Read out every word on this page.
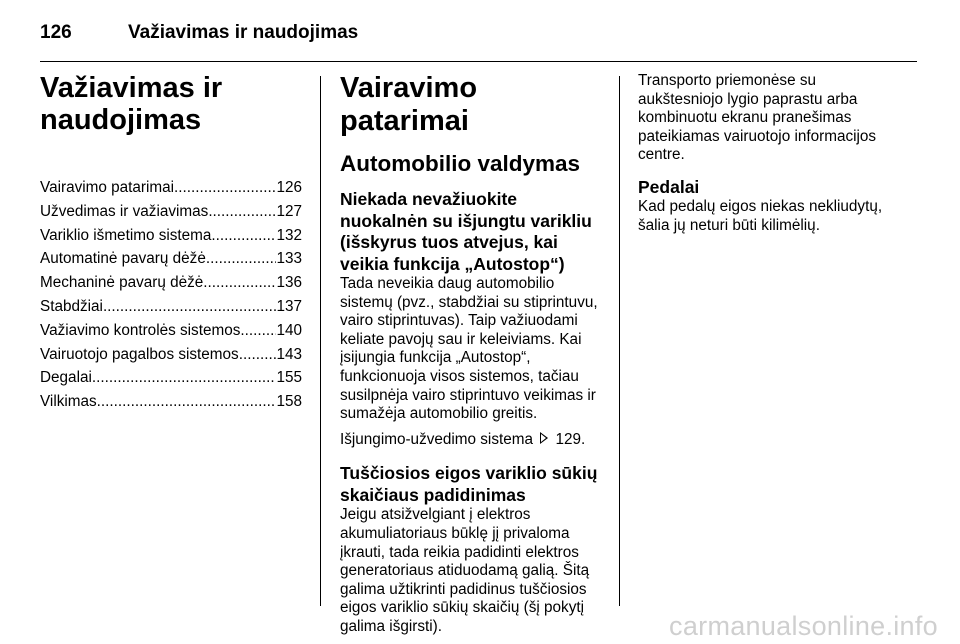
126	Važiavimas ir naudojimas
Važiavimas ir naudojimas
Vairavimo patarimai .....	126
Užvedimas ir važiavimas .....	127
Variklio išmetimo sistema .....	132
Automatinė pavarų dėžė .....	133
Mechaninė pavarų dėžė .....	136
Stabdžiai .....	137
Važiavimo kontrolės sistemos ..... 140
Vairuotojo pagalbos sistemos ..... 143
Degalai .....	155
Vilkimas .....	158
Vairavimo patarimai
Automobilio valdymas
Niekada nevažiuokite nuokalnėn su išjungtu varikliu (išskyrus tuos atvejus, kai veikia funkcija „Autostop“)

Tada neveikia daug automobilio sistemų (pvz., stabdžiai su stiprintuvu, vairo stiprintuvas). Taip važiuodami keliate pavojų sau ir keleiviams. Kai įsijungia funkcija „Autostop“, funkcionuoja visos sistemos, tačiau susilpnėja vairo stiprintuvo veikimas ir sumažėja automobilio greitis.

Išjungimo-užvedimo sistema 129.

Tuščiosios eigos variklio sūkių skaičiaus padidinimas

Jeigu atsižvelgiant į elektros akumuliatoriaus būklę jį privaloma įkrauti, tada reikia padidinti elektros generatoriaus atiduodamą galią. Šitą galima užtikrinti padidinus tuščiosios eigos variklio sūkių skaičių (šį pokytį galima išgirsti).

Transporto priemonėse su aukštesniojo lygio paprastu arba kombinuotu ekranu pranešimas pateikiamas vairuotojo informacijos centre.

Pedalai

Kad pedalų eigos niekas nekliudytų, šalia jų neturi būti kilimėlių.

carmanualsonline.info
